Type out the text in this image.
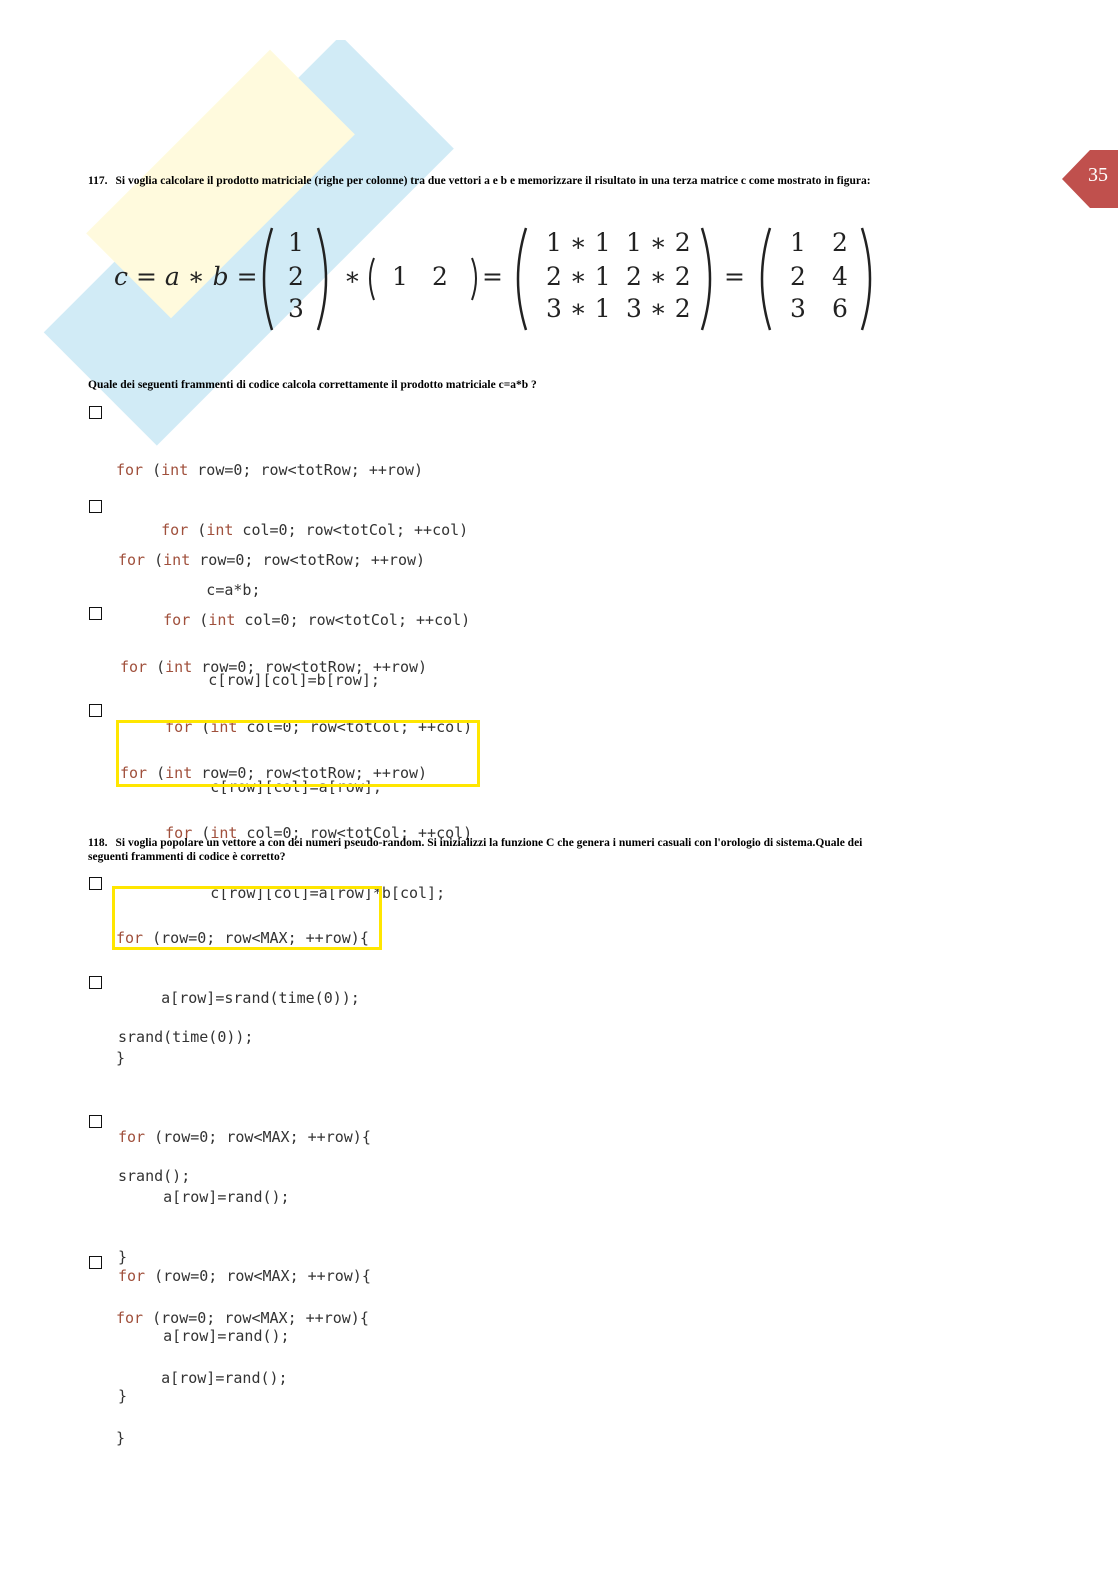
35
117. Si voglia calcolare il prodotto matriciale (righe per colonne) tra due vettori a e b e memorizzare il risultato in una terza matrice c come mostrato in figura:
c = a ∗ b =
1
2
3
∗ 1 2 =
1 ∗ 1 1 ∗ 2
2 ∗ 1 2 ∗ 2
3 ∗ 1 3 ∗ 2
=
1 2
2 4
3 6
Quale dei seguenti frammenti di codice calcola correttamente il prodotto matriciale c=a*b ?

for (int row=0; row<totRow; ++row)

for (int col=0; row<totCol; ++col)

c=a*b;

for (int row=0; row<totRow; ++row)

for (int col=0; row<totCol; ++col)

c[row][col]=b[row];

for (int row=0; row<totRow; ++row)

for (int col=0; row<totCol; ++col)

c[row][col]=a[row];

for (int row=0; row<totRow; ++row)

for (int col=0; row<totCol; ++col)

c[row][col]=a[row]*b[col];

118. Si voglia popolare un vettore a con dei numeri pseudo-random. Si inizializzi la funzione C che genera i numeri casuali con l'orologio di sistema.Quale dei
seguenti frammenti di codice è corretto?

for (row=0; row<MAX; ++row){

a[row]=srand(time(0));

}

srand(time(0));

for (row=0; row<MAX; ++row){

a[row]=rand();

}

srand();

for (row=0; row<MAX; ++row){

a[row]=rand();

}

for (row=0; row<MAX; ++row){

a[row]=rand();

}
